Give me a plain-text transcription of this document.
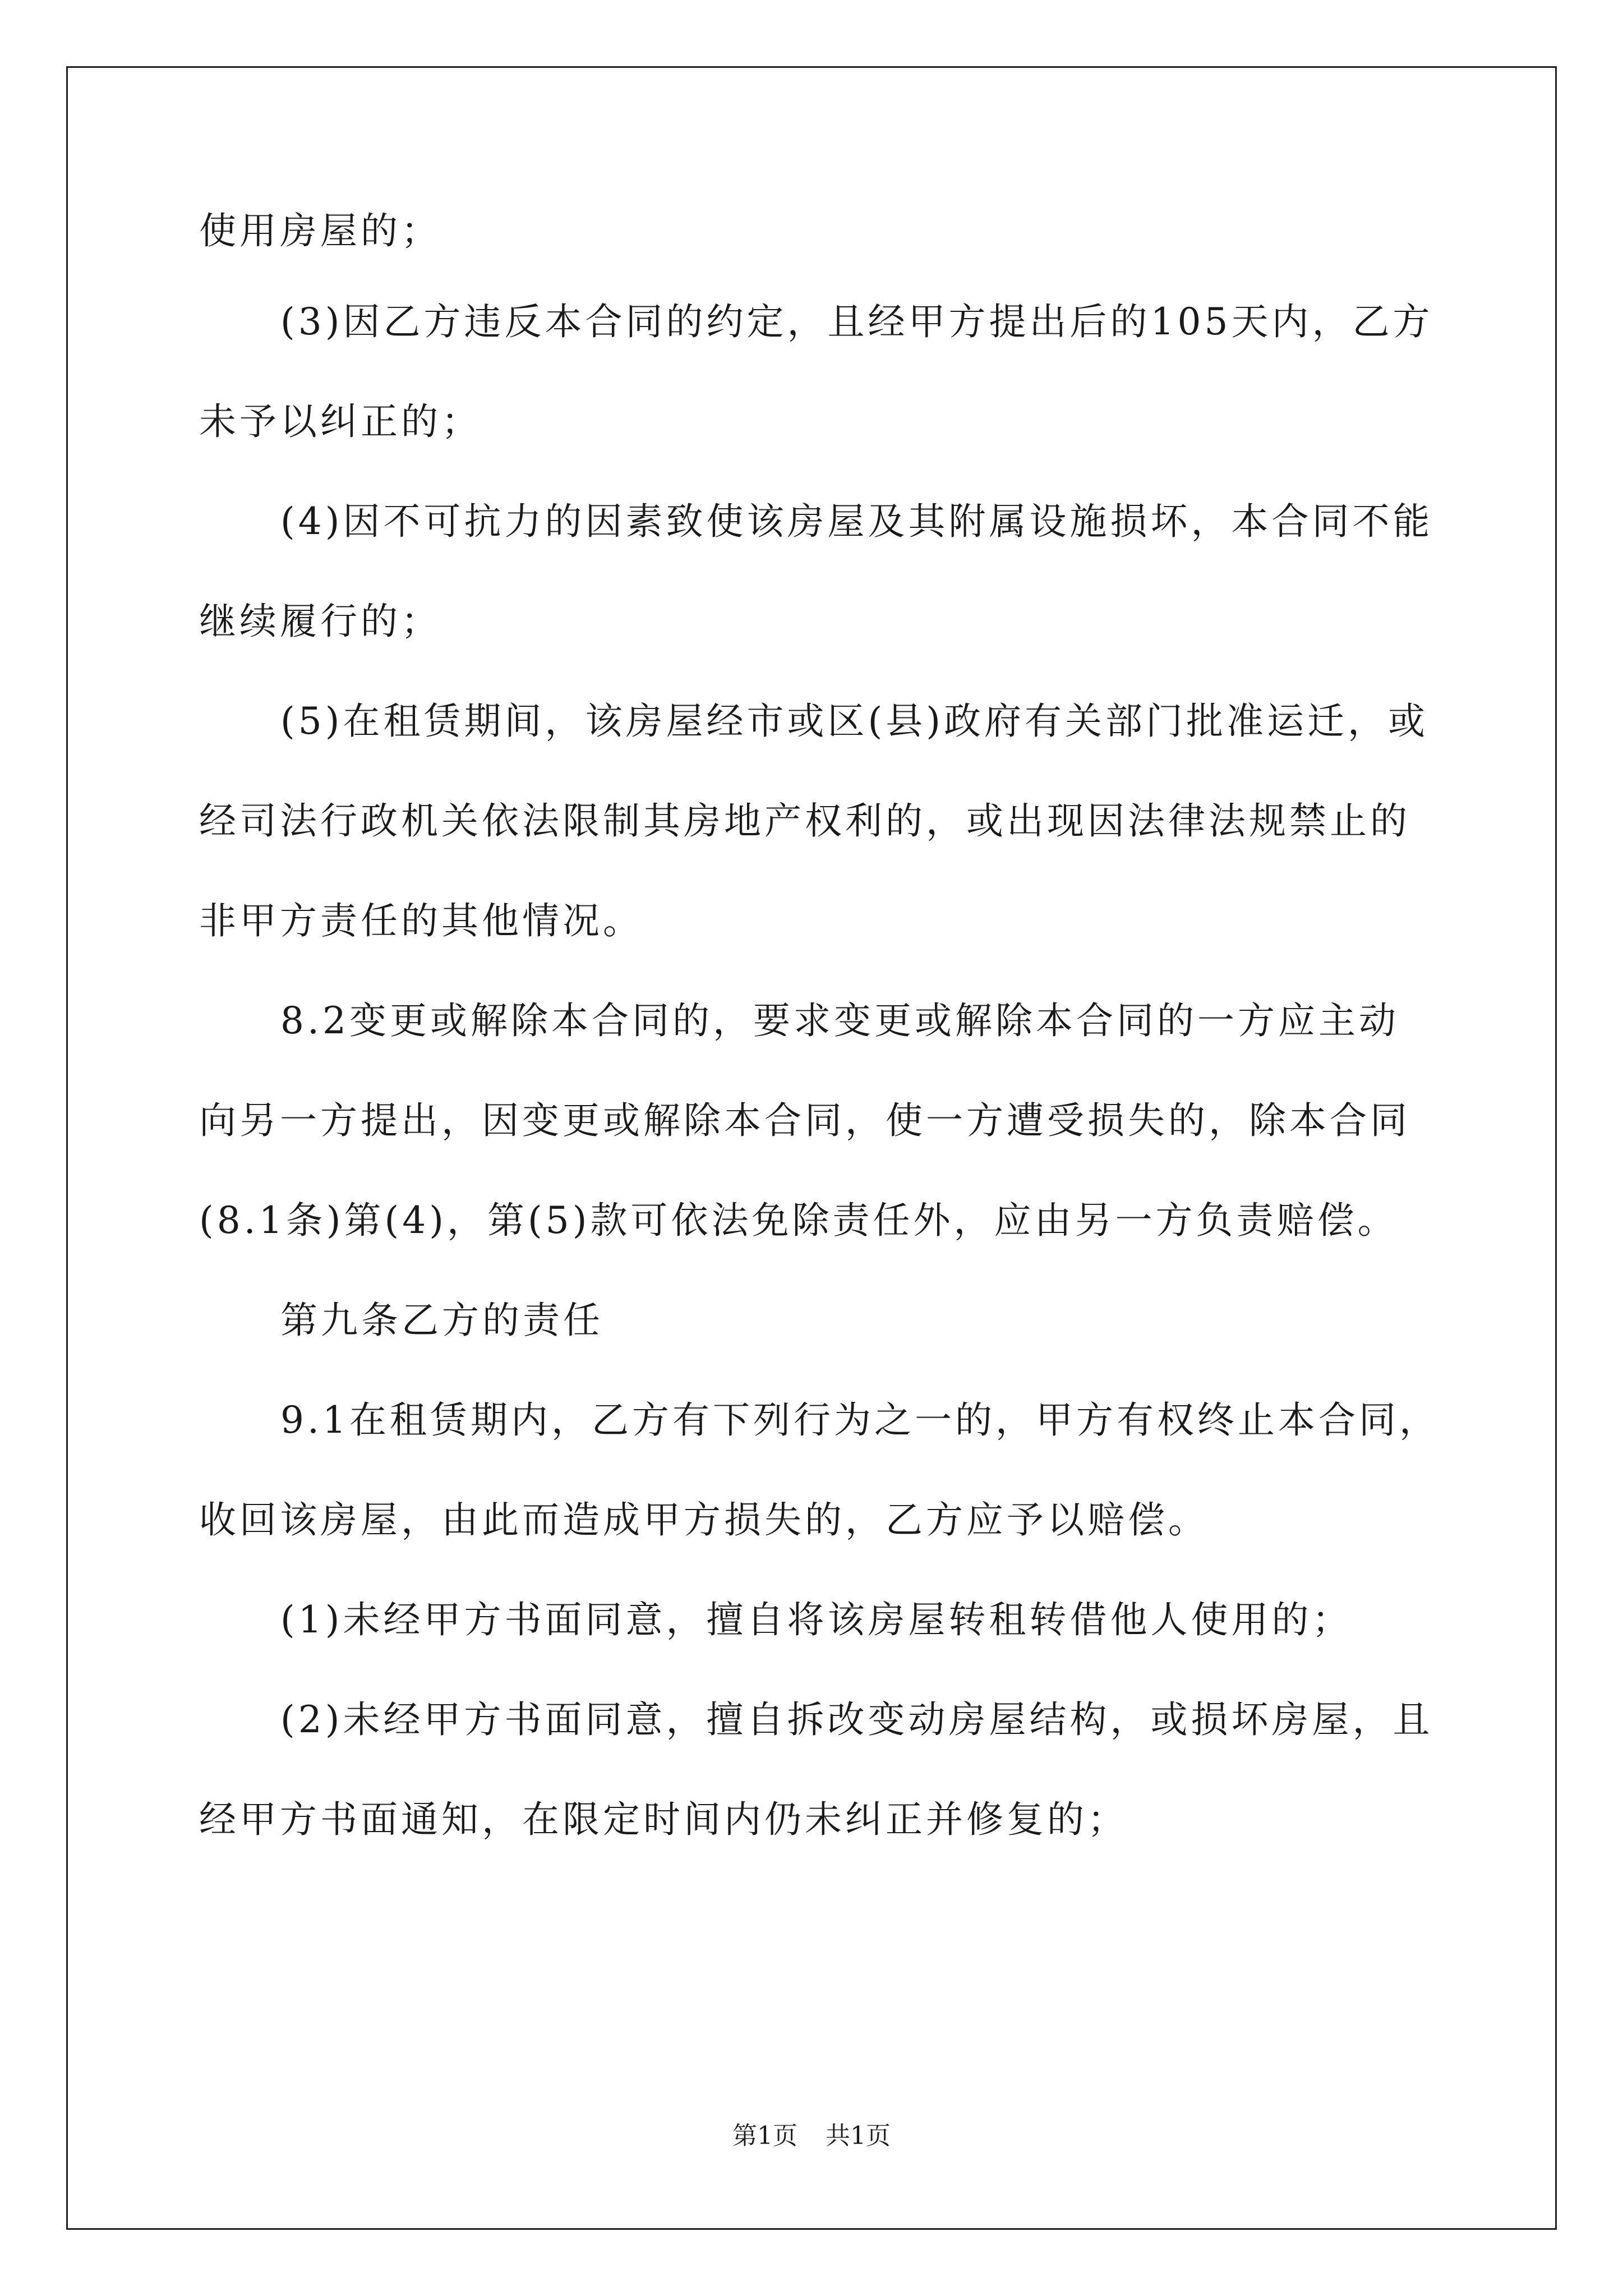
使用房屋的；
(3)因乙方违反本合同的约定，且经甲方提出后的105天内，乙方
未予以纠正的；
(4)因不可抗力的因素致使该房屋及其附属设施损坏，本合同不能
继续履行的；
(5)在租赁期间，该房屋经市或区(县)政府有关部门批准运迁，或
经司法行政机关依法限制其房地产权利的，或出现因法律法规禁止的
非甲方责任的其他情况。
8.2变更或解除本合同的，要求变更或解除本合同的一方应主动
向另一方提出，因变更或解除本合同，使一方遭受损失的，除本合同
(8.1条)第(4)，第(5)款可依法免除责任外，应由另一方负责赔偿。
第九条乙方的责任
9.1在租赁期内，乙方有下列行为之一的，甲方有权终止本合同，
收回该房屋，由此而造成甲方损失的，乙方应予以赔偿。
(1)未经甲方书面同意，擅自将该房屋转租转借他人使用的；
(2)未经甲方书面同意，擅自拆改变动房屋结构，或损坏房屋，且
经甲方书面通知，在限定时间内仍未纠正并修复的；
第1页 共1页
